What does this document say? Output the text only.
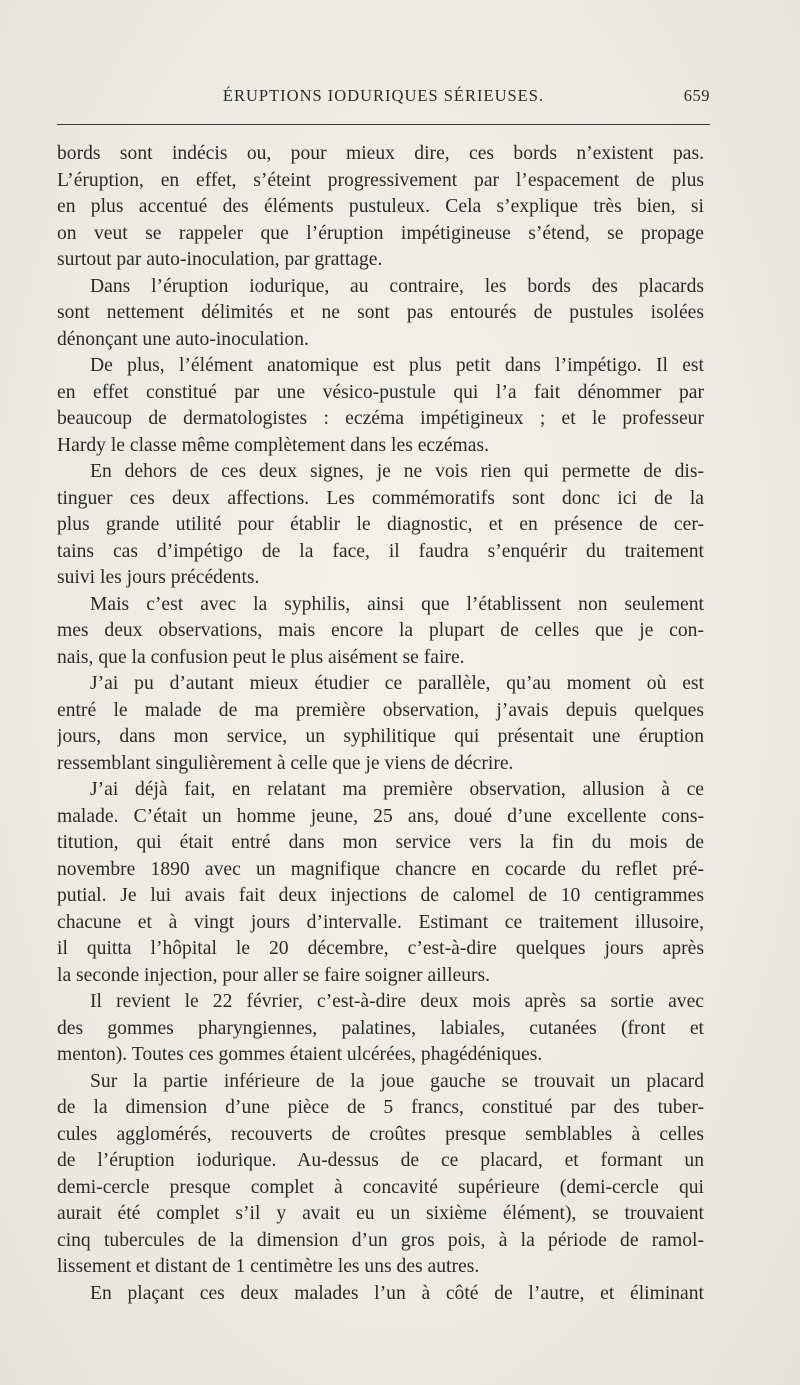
ÉRUPTIONS IODURIQUES SÉRIEUSES.	659
bords sont indécis ou, pour mieux dire, ces bords n’existent pas.
L’éruption, en effet, s’éteint progressivement par l’espacement de plus
en plus accentué des éléments pustuleux. Cela s’explique très bien, si
on veut se rappeler que l’éruption impétigineuse s’étend, se propage
surtout par auto-inoculation, par grattage.
Dans l’éruption iodurique, au contraire, les bords des placards
sont nettement délimités et ne sont pas entourés de pustules isolées
dénonçant une auto-inoculation.
De plus, l’élément anatomique est plus petit dans l’impétigo. Il est
en effet constitué par une vésico-pustule qui l’a fait dénommer par
beaucoup de dermatologistes : eczéma impétigineux ; et le professeur
Hardy le classe même complètement dans les eczémas.
En dehors de ces deux signes, je ne vois rien qui permette de dis-
tinguer ces deux affections. Les commémoratifs sont donc ici de la
plus grande utilité pour établir le diagnostic, et en présence de cer-
tains cas d’impétigo de la face, il faudra s’enquérir du traitement
suivi les jours précédents.
Mais c’est avec la syphilis, ainsi que l’établissent non seulement
mes deux observations, mais encore la plupart de celles que je con-
nais, que la confusion peut le plus aisément se faire.
J’ai pu d’autant mieux étudier ce parallèle, qu’au moment où est
entré le malade de ma première observation, j’avais depuis quelques
jours, dans mon service, un syphilitique qui présentait une éruption
ressemblant singulièrement à celle que je viens de décrire.
J’ai déjà fait, en relatant ma première observation, allusion à ce
malade. C’était un homme jeune, 25 ans, doué d’une excellente cons-
titution, qui était entré dans mon service vers la fin du mois de
novembre 1890 avec un magnifique chancre en cocarde du reflet pré-
putial. Je lui avais fait deux injections de calomel de 10 centigrammes
chacune et à vingt jours d’intervalle. Estimant ce traitement illusoire,
il quitta l’hôpital le 20 décembre, c’est-à-dire quelques jours après
la seconde injection, pour aller se faire soigner ailleurs.
Il revient le 22 février, c’est-à-dire deux mois après sa sortie avec
des gommes pharyngiennes, palatines, labiales, cutanées (front et
menton). Toutes ces gommes étaient ulcérées, phagédéniques.
Sur la partie inférieure de la joue gauche se trouvait un placard
de la dimension d’une pièce de 5 francs, constitué par des tuber-
cules agglomérés, recouverts de croûtes presque semblables à celles
de l’éruption iodurique. Au-dessus de ce placard, et formant un
demi-cercle presque complet à concavité supérieure (demi-cercle qui
aurait été complet s’il y avait eu un sixième élément), se trouvaient
cinq tubercules de la dimension d’un gros pois, à la période de ramol-
lissement et distant de 1 centimètre les uns des autres.
En plaçant ces deux malades l’un à côté de l’autre, et éliminant
